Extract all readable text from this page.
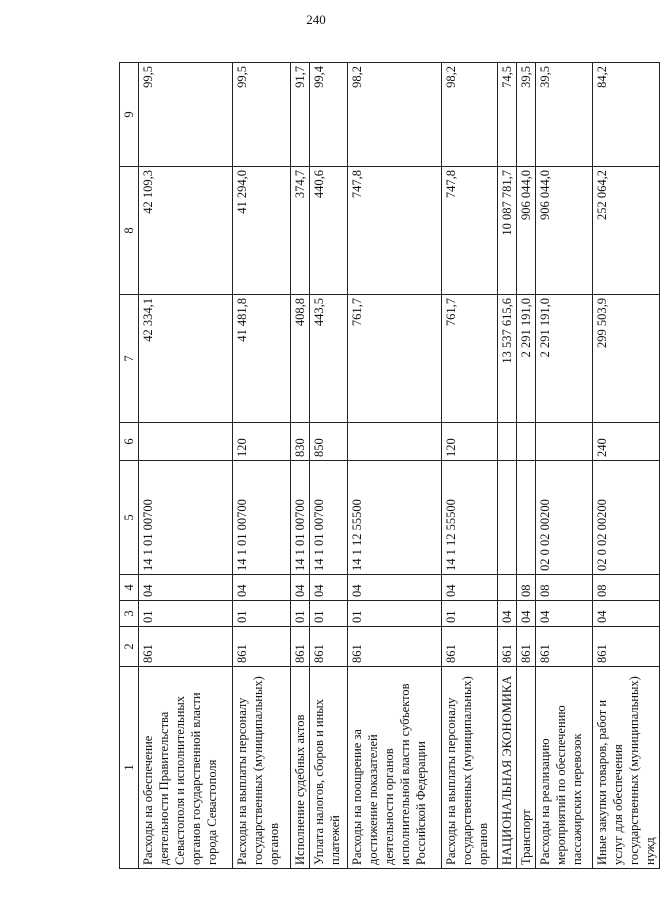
240
1	2	3	4	5	6	7	8	9
Расходы на обеспечение деятельности Правительства Севастополя и исполнительных органов государственной власти города Севастополя	861	01	04	14 1 01 00700		42 334,1	42 109,3	99,5
Расходы на выплаты персоналу государственных (муниципальных) органов	861	01	04	14 1 01 00700	120	41 481,8	41 294,0	99,5
Исполнение судебных актов	861	01	04	14 1 01 00700	830	408,8	374,7	91,7
Уплата налогов, сборов и иных платежей	861	01	04	14 1 01 00700	850	443,5	440,6	99,4
Расходы на поощрение за достижение показателей деятельности органов исполнительной власти субъектов Российской Федерации	861	01	04	14 1 12 55500		761,7	747,8	98,2
Расходы на выплаты персоналу государственных (муниципальных) органов	861	01	04	14 1 12 55500	120	761,7	747,8	98,2
НАЦИОНАЛЬНАЯ ЭКОНОМИКА	861	04				13 537 615,6	10 087 781,7	74,5
Транспорт	861	04	08			2 291 191,0	906 044,0	39,5
Расходы на реализацию мероприятий по обеспечению пассажирских перевозок	861	04	08	02 0 02 00200		2 291 191,0	906 044,0	39,5
Иные закупки товаров, работ и услуг для обеспечения государственных (муниципальных) нужд	861	04	08	02 0 02 00200	240	299 503,9	252 064,2	84,2
